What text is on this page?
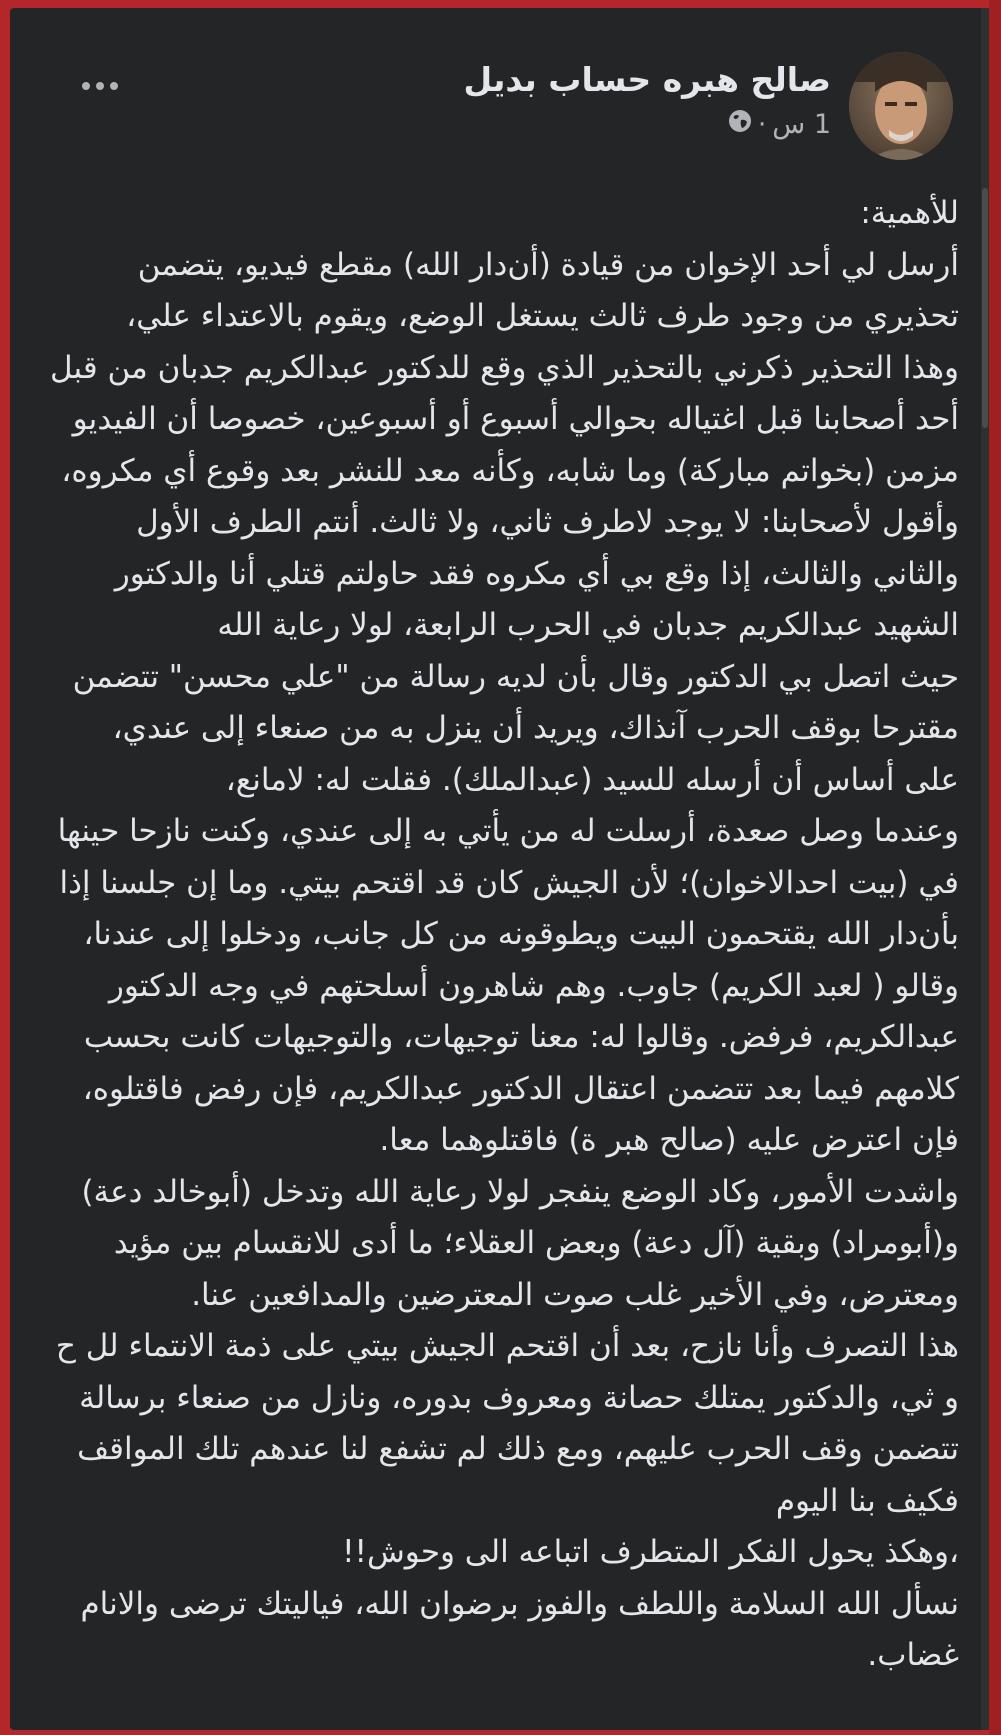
صالح هبره حساب بديل
1 س
·

للأهمية:

أرسل لي أحد الإخوان من قيادة (أن‌دار الله) مقطع فيديو، يتضمن تحذيري من وجود طرف ثالث يستغل الوضع، ويقوم بالاعتداء علي،

وهذا التحذير ذكرني بالتحذير الذي وقع للدكتور عبدالكريم جدبان من قبل أحد أصحابنا قبل اغتياله بحوالي أسبوع أو أسبوعين، خصوصا أن الفيديو مزمن (بخواتم مباركة) وما شابه، وكأنه معد للنشر بعد وقوع أي مكروه، وأقول لأصحابنا: لا يوجد لاطرف ثاني، ولا ثالث. أنتم الطرف الأول والثاني والثالث، إذا وقع بي أي مكروه فقد حاولتم قتلي أنا والدكتور الشهيد عبدالكريم جدبان في الحرب الرابعة، لولا رعاية الله

حيث اتصل بي الدكتور وقال بأن لديه رسالة من "علي محسن" تتضمن مقترحا بوقف الحرب آنذاك، ويريد أن ينزل به من صنعاء إلى عندي، على أساس أن أرسله للسيد (عبدالملك). فقلت له: لامانع،

وعندما وصل صعدة، أرسلت له من يأتي به إلى عندي، وكنت نازحا حينها في (بيت احدالاخوان)؛ لأن الجيش كان قد اقتحم بيتي. وما إن جلسنا إذا بأن‌دار الله يقتحمون البيت ويطوقونه من كل جانب، ودخلوا إلى عندنا، وقالو ( لعبد الكريم) جاوب. وهم شاهرون أسلحتهم في وجه الدكتور عبدالكريم، فرفض. وقالوا له: معنا توجيهات، والتوجيهات كانت بحسب كلامهم فيما بعد تتضمن اعتقال الدكتور عبدالكريم، فإن رفض فاقتلوه، فإن اعترض عليه (صالح هبر ة) فاقتلوهما معا.

واشدت الأمور، وكاد الوضع ينفجر لولا رعاية الله وتدخل (أبوخالد دعة) و(أبومراد) وبقية (آل دعة) وبعض العقلاء؛ ما أدى للانقسام بين مؤيد ومعترض، وفي الأخير غلب صوت المعترضين والمدافعين عنا.

هذا التصرف وأنا نازح، بعد أن اقتحم الجيش بيتي على ذمة الانتماء لل ح و ثي، والدكتور يمتلك حصانة ومعروف بدوره، ونازل من صنعاء برسالة تتضمن وقف الحرب عليهم، ومع ذلك لم تشفع لنا عندهم تلك المواقف فكيف بنا اليوم

،وهكذ يحول الفكر المتطرف اتباعه الى وحوش!!

نسأل الله السلامة واللطف والفوز برضوان الله، فياليتك ترضى والانام غضاب.
